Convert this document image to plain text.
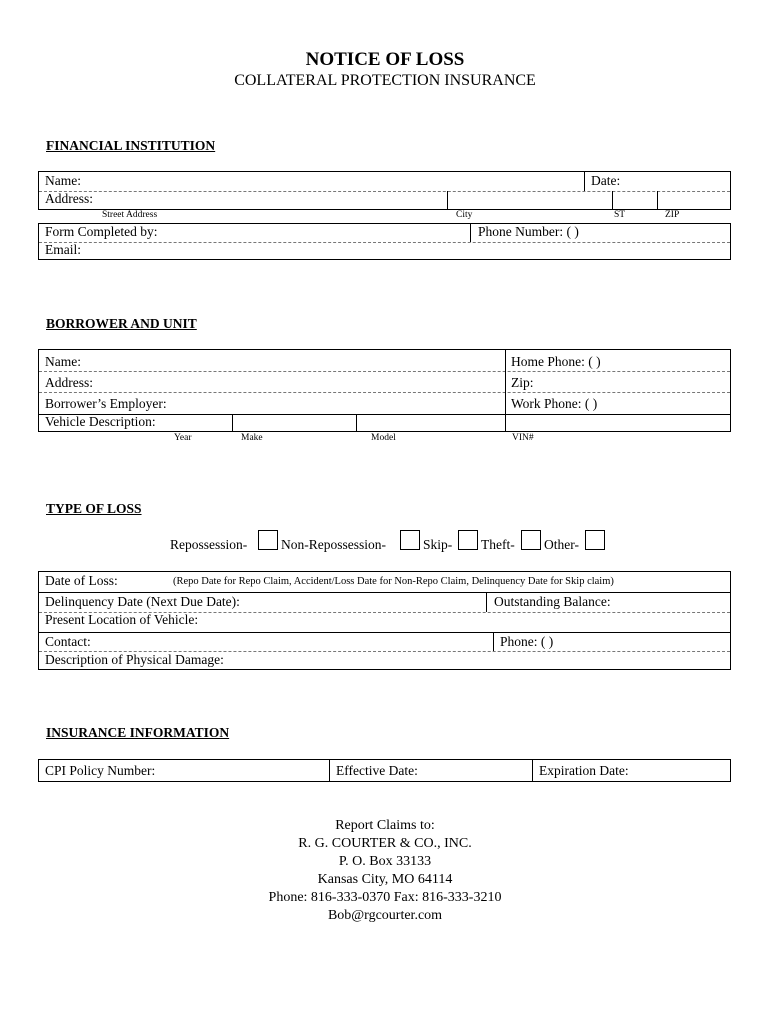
NOTICE OF LOSS
COLLATERAL PROTECTION INSURANCE
FINANCIAL INSTITUTION
Name:	Date:
Address:
Street Address	City	ST	ZIP
Form Completed by:	Phone Number: ( )
Email:
BORROWER AND UNIT
Name:	Home Phone: ( )
Address:	Zip:
Borrower’s Employer:	Work Phone: ( )
Vehicle Description:
Year	Make	Model	VIN#
TYPE OF LOSS
Repossession-	Non-Repossession-	Skip- Theft- Other-
Date of Loss:	(Repo Date for Repo Claim, Accident/Loss Date for Non-Repo Claim, Delinquency Date for Skip claim)
Delinquency Date (Next Due Date):	Outstanding Balance:
Present Location of Vehicle:
Contact:	Phone: ( )
Description of Physical Damage:
INSURANCE INFORMATION
CPI Policy Number:	Effective Date:	Expiration Date:
Report Claims to:
R. G. COURTER & CO., INC.
P. O. Box 33133
Kansas City, MO 64114
Phone: 816-333-0370 Fax: 816-333-3210
Bob@rgcourter.com
